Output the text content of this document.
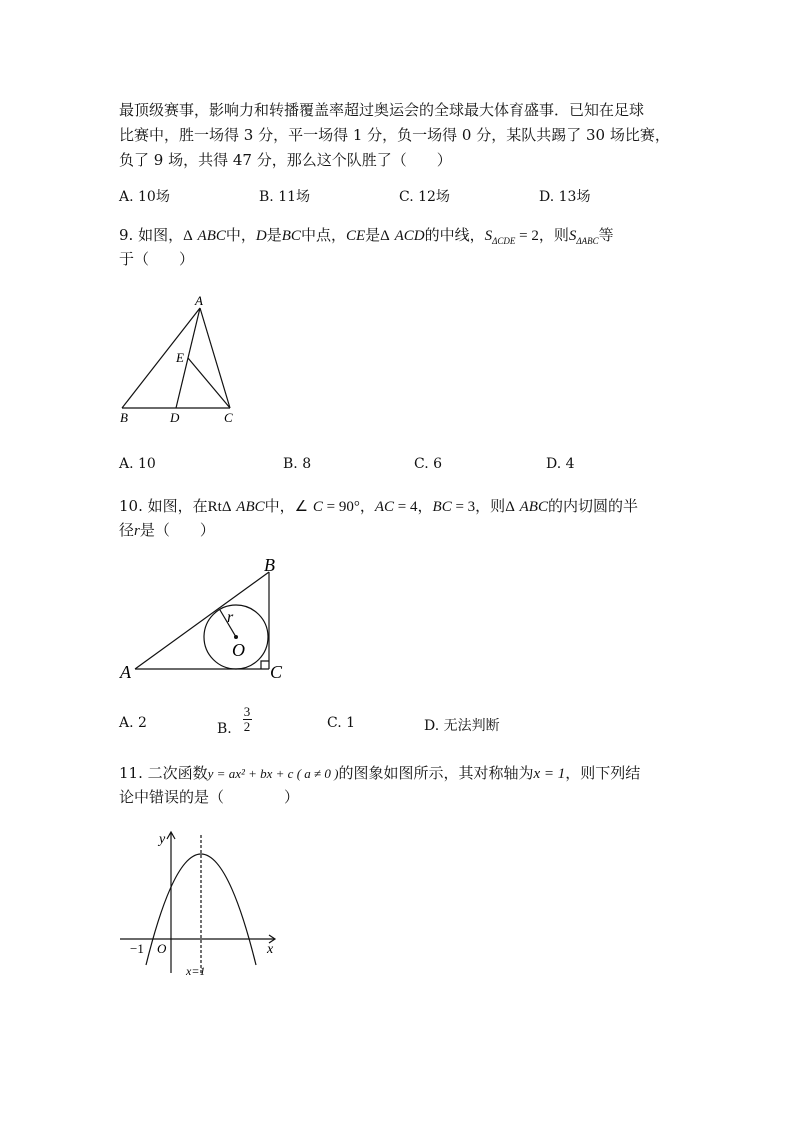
最顶级赛事，影响力和转播覆盖率超过奥运会的全球最大体育盛事．已知在足球
比赛中，胜一场得 3 分，平一场得 1 分，负一场得 0 分，某队共踢了 30 场比赛，
负了 9 场，共得 47 分，那么这个队胜了（　　）
A. 10场	B. 11场	C. 12场	D. 13场
9. 如图，Δ ABC中，D是BC中点，CE是Δ ACD的中线，$S_{\Delta CDE} = 2$，则$S_{\Delta ABC}$等
于（　　）
A
B	C
D
E
A. 10	B. 8	C. 6	D. 4
10. 如图，在RtΔ ABC中，∠ C = 90°，AC = 4，BC = 3，则Δ ABC的内切圆的半
径r是（　　）
A
B
C
O
r
A. 2	B.
3
2	C. 1	D. 无法判断
11. 二次函数y = ax² + bx + c ( a ≠ 0 )的图象如图所示，其对称轴为x = 1，则下列结
论中错误的是（　　　　）
y
x
O
−1
x=1
